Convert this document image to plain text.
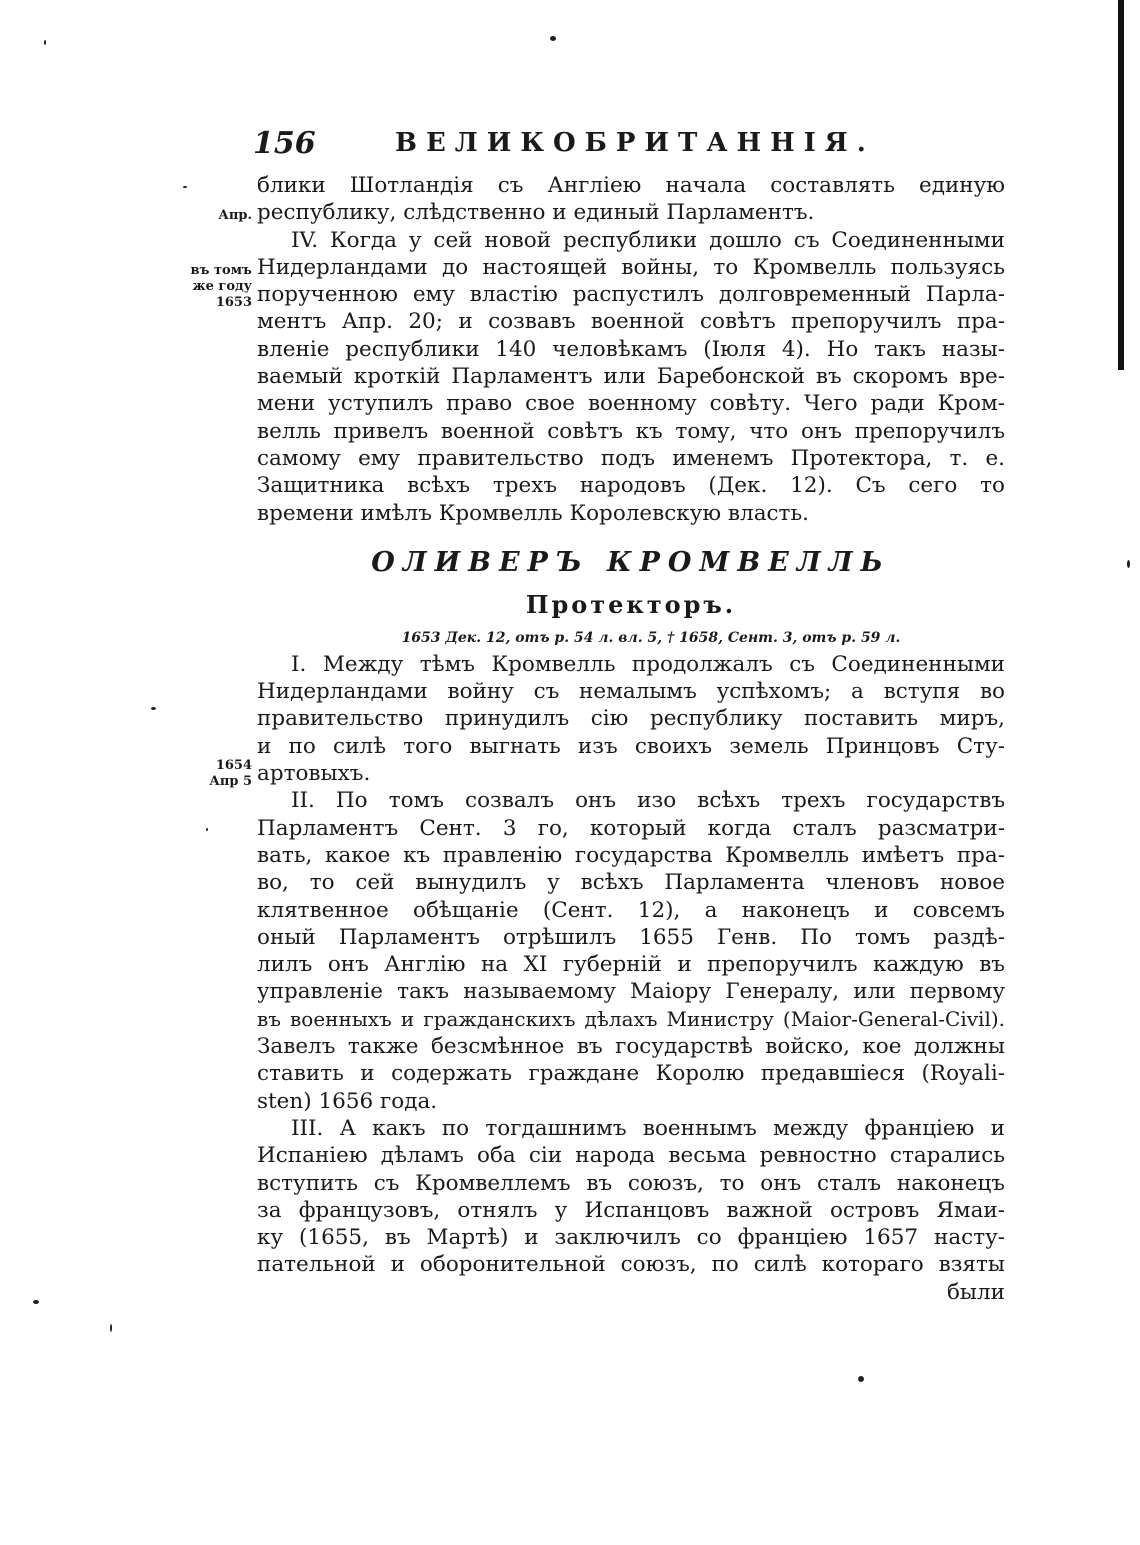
156	ВЕЛИКОБРИТАННІЯ.
Апр.
въ томъ
же году
1653
1654
Апр 5
блики Шотландія съ Англіею начала составлять единую
республику, слѣдственно и единый Парламентъ.
IV. Когда у сей новой республики дошло съ Соединенными
Нидерландами до настоящей войны, то Кромвелль пользуясь
порученною ему властію распустилъ долговременный Парла-
ментъ Апр. 20; и созвавъ военной совѣтъ препоручилъ пра-
вленіе республики 140 человѣкамъ (Іюля 4). Но такъ назы-
ваемый кроткій Парламентъ или Баребонской въ скоромъ вре-
мени уступилъ право свое военному совѣту. Чего ради Кром-
велль привелъ военной совѣтъ къ тому, что онъ препоручилъ
самому ему правительство подъ именемъ Протектора, т. е.
Защитника всѣхъ трехъ народовъ (Дек. 12). Съ сего то
времени имѣлъ Кромвелль Королевскую власть.
ОЛИВЕРЪ КРОМВЕЛЛЬ
Протекторъ.
1653 Дек. 12, отъ р. 54 л. вл. 5, † 1658, Сент. 3, отъ р. 59 л.
I. Между тѣмъ Кромвелль продолжалъ съ Соединенными
Нидерландами войну съ немалымъ успѣхомъ; а вступя во
правительство принудилъ сію республику поставить миръ,
и по силѣ того выгнать изъ своихъ земель Принцовъ Сту-
артовыхъ.
II. По томъ созвалъ онъ изо всѣхъ трехъ государствъ
Парламентъ Сент. 3 го, который когда сталъ разсматри-
вать, какое къ правленію государства Кромвелль имѣетъ пра-
во, то сей вынудилъ у всѣхъ Парламента членовъ новое
клятвенное обѣщаніе (Сент. 12), а наконецъ и совсемъ
оный Парламентъ отрѣшилъ 1655 Генв. По томъ раздѣ-
лилъ онъ Англію на XI губерній и препоручилъ каждую въ
управленіе такъ называемому Маіору Генералу, или первому
въ военныхъ и гражданскихъ дѣлахъ Министру (Maior-General-Civil).
Завелъ также безсмѣнное въ государствѣ войско, кое должны
ставить и содержать граждане Королю предавшіеся (Royali-
sten) 1656 года.
III. А какъ по тогдашнимъ военнымъ между франціею и
Испаніею дѣламъ оба сіи народа весьма ревностно старались
вступить съ Кромвеллемъ въ союзъ, то онъ сталъ наконецъ
за французовъ, отнялъ у Испанцовъ важной островъ Ямаи-
ку (1655, въ Мартѣ) и заключилъ со франціею 1657 насту-
пательной и оборонительной союзъ, по силѣ котораго взяты
были
